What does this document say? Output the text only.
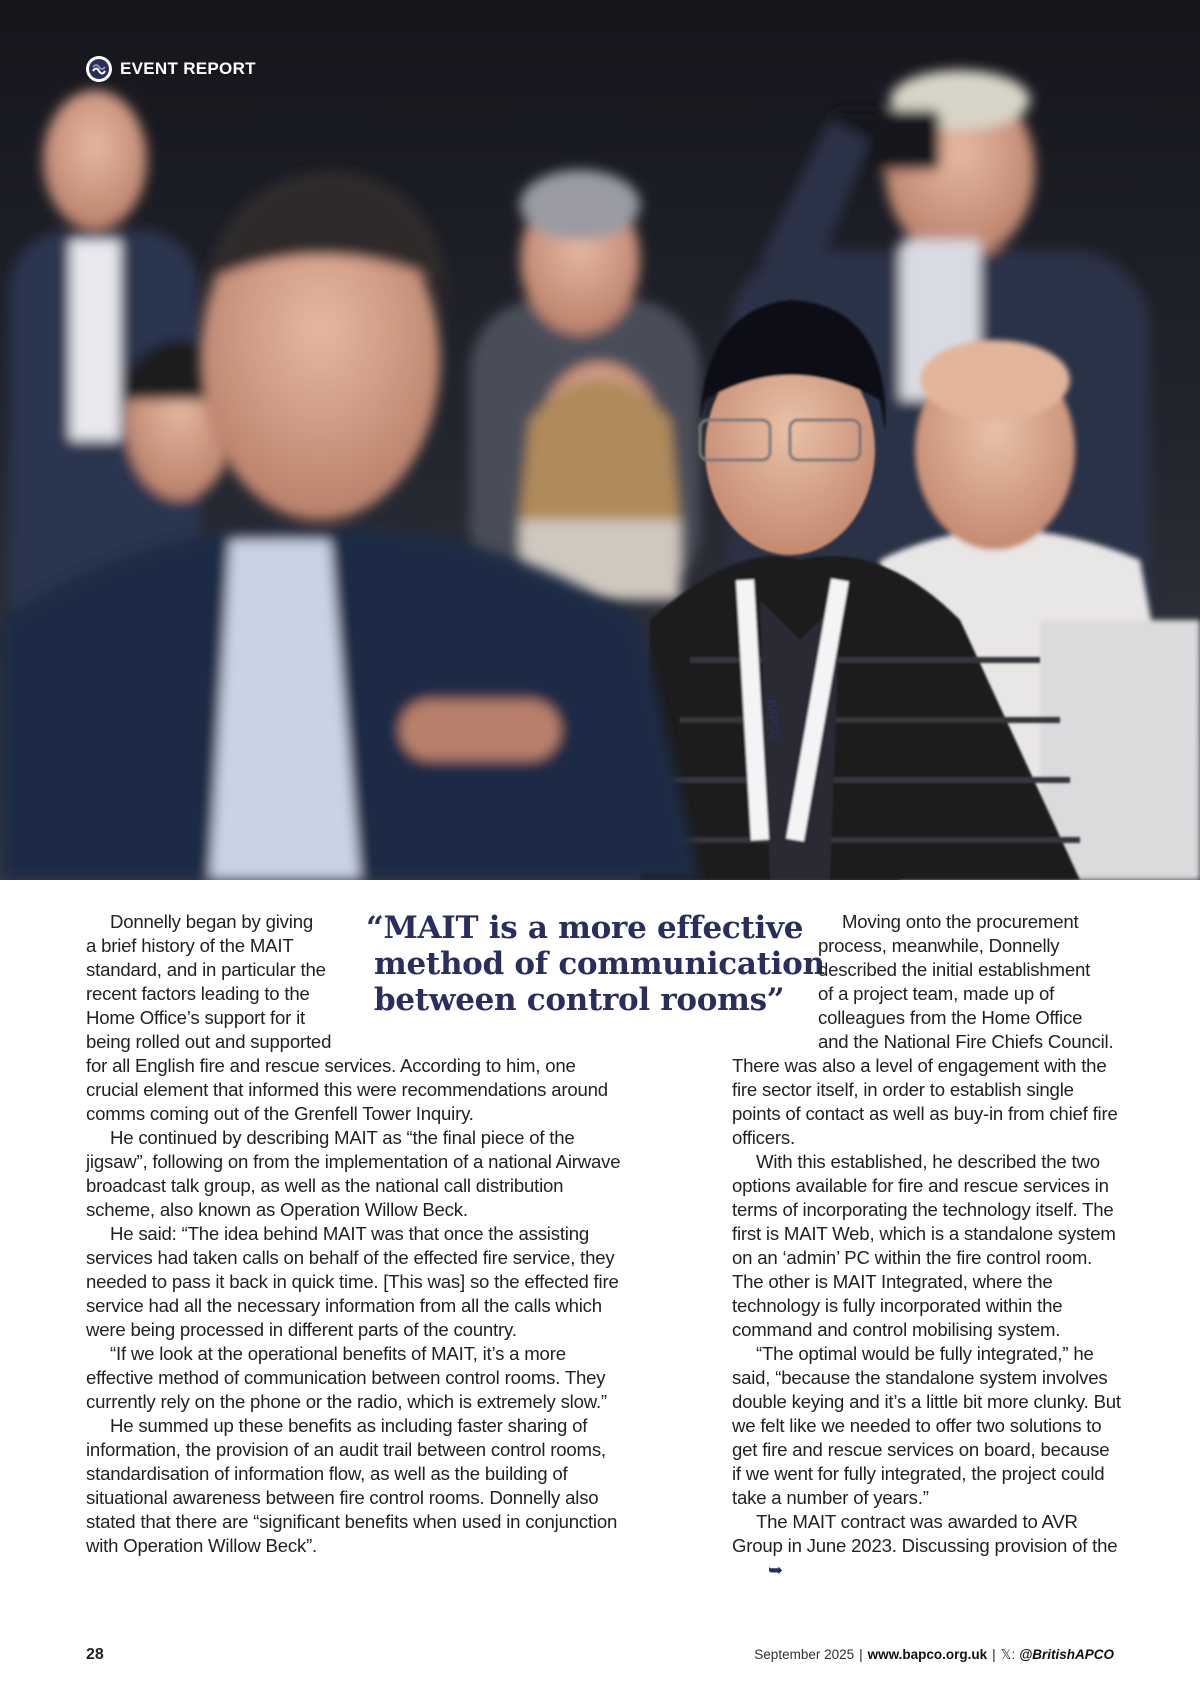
BAPCO
EVENT REPORT
“MAIT is a more effective
method of communication
between control rooms”
Donnelly began by giving
a brief history of the MAIT
standard, and in particular the
recent factors leading to the
Home Office’s support for it
being rolled out and supported

for all English fire and rescue services. According to him, one crucial element that informed this were recommendations around comms coming out of the Grenfell Tower Inquiry.

He continued by describing MAIT as “the final piece of the jigsaw”, following on from the implementation of a national Airwave broadcast talk group, as well as the national call distribution scheme, also known as Operation Willow Beck.

He said: “The idea behind MAIT was that once the assisting services had taken calls on behalf of the effected fire service, they needed to pass it back in quick time. [This was] so the effected fire service had all the necessary information from all the calls which were being processed in different parts of the country.

“If we look at the operational benefits of MAIT, it’s a more effective method of communication between control rooms. They currently rely on the phone or the radio, which is extremely slow.”

He summed up these benefits as including faster sharing of information, the provision of an audit trail between control rooms, standardisation of information flow, as well as the building of situational awareness between fire control rooms. Donnelly also stated that there are “significant benefits when used in conjunction with Operation Willow Beck”.

Moving onto the procurement
process, meanwhile, Donnelly
described the initial establishment
of a project team, made up of
colleagues from the Home Office
and the National Fire Chiefs Council.

There was also a level of engagement with the fire sector itself, in order to establish single points of contact as well as buy-in from chief fire officers.

With this established, he described the two options available for fire and rescue services in terms of incorporating the technology itself. The first is MAIT Web, which is a standalone system on an ‘admin’ PC within the fire control room. The other is MAIT Integrated, where the technology is fully incorporated within the command and control mobilising system.

“The optimal would be fully integrated,” he said, “because the standalone system involves double keying and it’s a little bit more clunky. But we felt like we needed to offer two solutions to get fire and rescue services on board, because if we went for fully integrated, the project could take a number of years.”

The MAIT contract was awarded to AVR Group in June 2023. Discussing provision of the➥

28	September 2025 | www.bapco.org.uk | 𝕏: @BritishAPCO
